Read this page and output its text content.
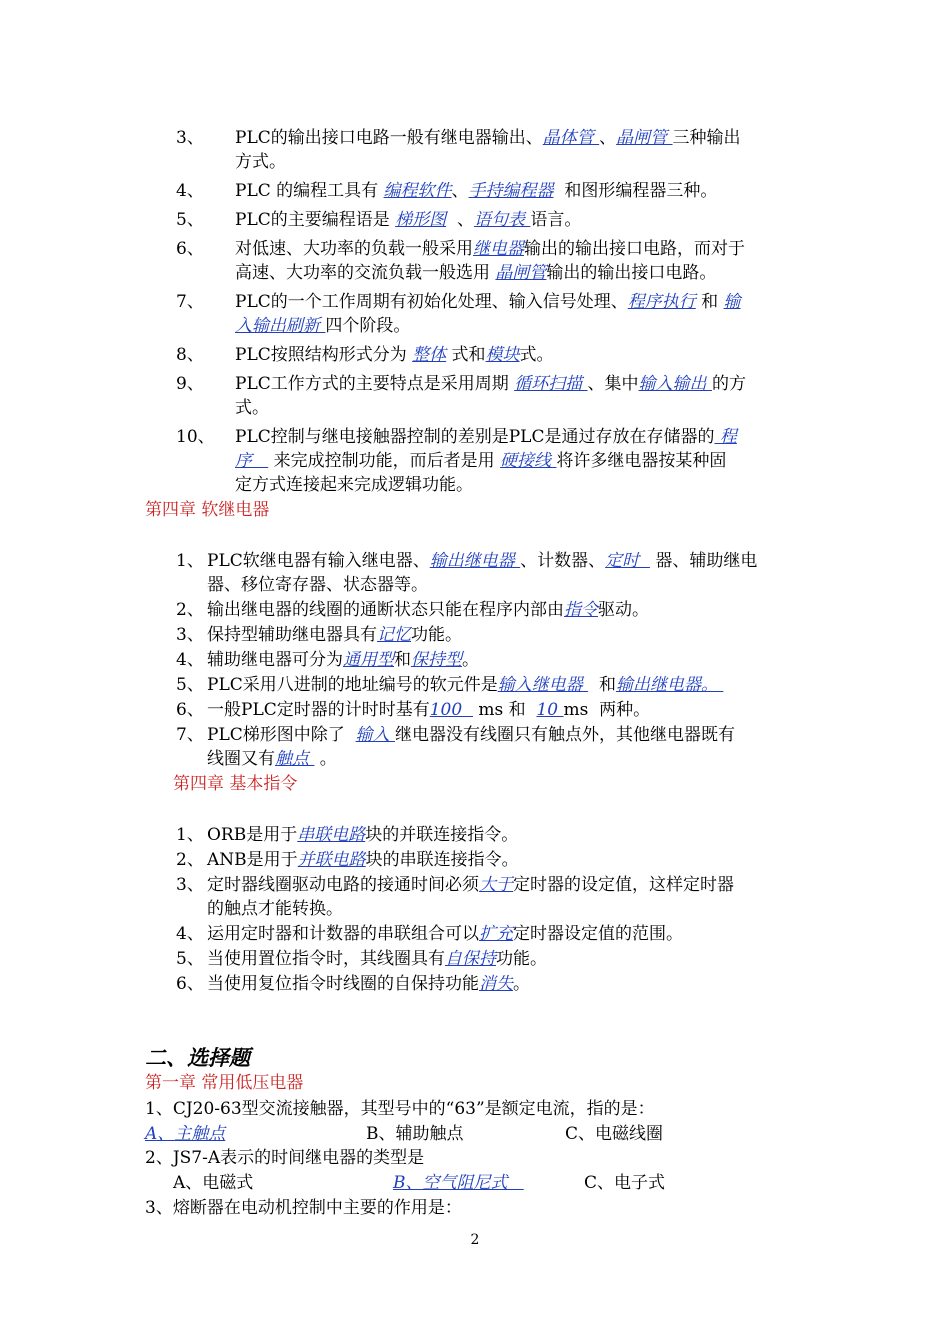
3、 PLC的输出接口电路一般有继电器输出、晶体管 、晶闸管 三种输出
方式。
4、 PLC 的编程工具有 编程软件、手持编程器  和图形编程器三种。
5、 PLC的主要编程语是 梯形图  、语句表 语言。
6、 对低速、大功率的负载一般采用继电器输出的输出接口电路，而对于
高速、大功率的交流负载一般选用 晶闸管输出的输出接口电路。
7、 PLC的一个工作周期有初始化处理、输入信号处理、程序执行 和 输
入输出刷新 四个阶段。
8、 PLC按照结构形式分为 整体 式和模块式。
9、 PLC工作方式的主要特点是采用周期 循环扫描 、集中输入输出 的方
式。
10、 PLC控制与继电接触器控制的差别是PLC是通过存放在存储器的 程
序    来完成控制功能，而后者是用 硬接线 将许多继电器按某种固
定方式连接起来完成逻辑功能。
第四章 软继电器
1、 PLC软继电器有输入继电器、输出继电器 、计数器、定时   器、辅助继电
器、移位寄存器、状态器等。
2、 输出继电器的线圈的通断状态只能在程序内部由指令驱动。
3、 保持型辅助继电器具有记忆功能。
4、 辅助继电器可分为通用型和保持型。
5、 PLC采用八进制的地址编号的软元件是输入继电器   和输出继电器。
6、 一般PLC定时器的计时时基有100   ms 和  10 ms  两种。
7、 PLC梯形图中除了  输入 继电器没有线圈只有触点外，其他继电器既有
线圈又有触点  。
第四章 基本指令
1、 ORB是用于串联电路块的并联连接指令。
2、 ANB是用于并联电路块的串联连接指令。
3、 定时器线圈驱动电路的接通时间必须大于定时器的设定值，这样定时器
的触点才能转换。
4、 运用定时器和计数器的串联组合可以扩充定时器设定值的范围。
5、 当使用置位指令时，其线圈具有自保持功能。
6、 当使用复位指令时线圈的自保持功能消失。
二、选择题
第一章 常用低压电器
1、CJ20-63型交流接触器，其型号中的“63”是额定电流，指的是：
A、主触点	B、辅助触点	C、电磁线圈
2、JS7-A表示的时间继电器的类型是
A、电磁式	B、空气阻尼式	C、电子式
3、熔断器在电动机控制中主要的作用是：
2
